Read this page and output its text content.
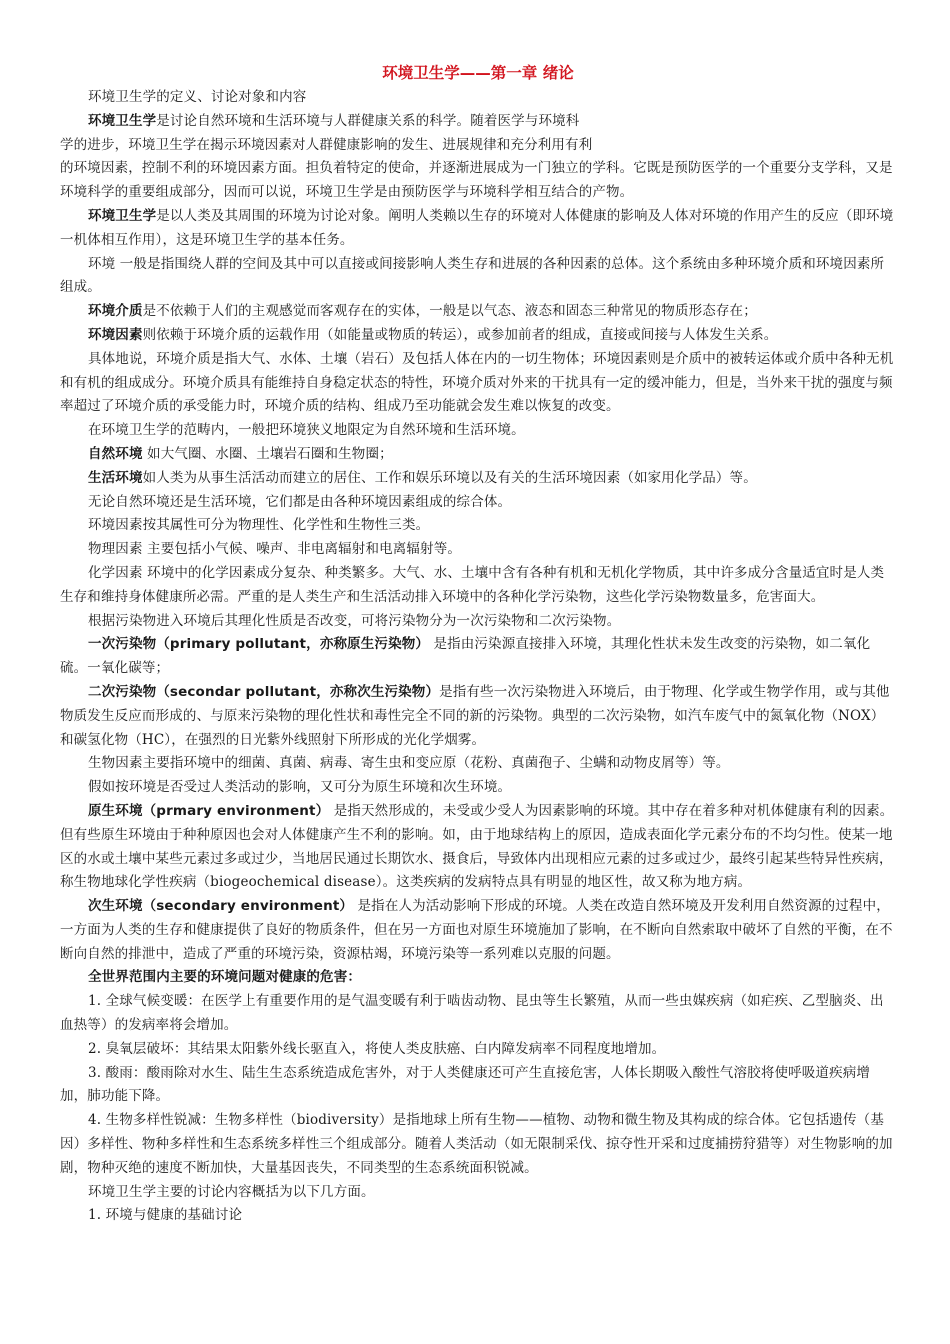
环境卫生学——第一章 绪论

环境卫生学的定义、讨论对象和内容

环境卫生学是讨论自然环境和生活环境与人群健康关系的科学。随着医学与环境科

学的进步，环境卫生学在揭示环境因素对人群健康影响的发生、进展规律和充分利用有利

的环境因素，控制不利的环境因素方面。担负着特定的使命，并逐渐进展成为一门独立的学科。它既是预防医学的一个重要分支学科，又是环境科学的重要组成部分，因而可以说，环境卫生学是由预防医学与环境科学相互结合的产物。

环境卫生学是以人类及其周围的环境为讨论对象。阐明人类赖以生存的环境对人体健康的影响及人体对环境的作用产生的反应（即环境一机体相互作用），这是环境卫生学的基本任务。

环境 一般是指围绕人群的空间及其中可以直接或间接影响人类生存和进展的各种因素的总体。这个系统由多种环境介质和环境因素所组成。

环境介质是不依赖于人们的主观感觉而客观存在的实体，一般是以气态、液态和固态三种常见的物质形态存在；

环境因素则依赖于环境介质的运载作用（如能量或物质的转运），或参加前者的组成，直接或间接与人体发生关系。

具体地说，环境介质是指大气、水体、土壤（岩石）及包括人体在内的一切生物体；环境因素则是介质中的被转运体或介质中各种无机和有机的组成成分。环境介质具有能维持自身稳定状态的特性，环境介质对外来的干扰具有一定的缓冲能力，但是，当外来干扰的强度与频率超过了环境介质的承受能力时，环境介质的结构、组成乃至功能就会发生难以恢复的改变。

在环境卫生学的范畴内，一般把环境狭义地限定为自然环境和生活环境。

自然环境 如大气圈、水圈、土壤岩石圈和生物圈；

生活环境如人类为从事生活活动而建立的居住、工作和娱乐环境以及有关的生活环境因素（如家用化学品）等。

无论自然环境还是生活环境，它们都是由各种环境因素组成的综合体。

环境因素按其属性可分为物理性、化学性和生物性三类。

物理因素 主要包括小气候、噪声、非电离辐射和电离辐射等。

化学因素 环境中的化学因素成分复杂、种类繁多。大气、水、土壤中含有各种有机和无机化学物质，其中许多成分含量适宜时是人类生存和维持身体健康所必需。严重的是人类生产和生活活动排入环境中的各种化学污染物，这些化学污染物数量多，危害面大。

根据污染物进入环境后其理化性质是否改变，可将污染物分为一次污染物和二次污染物。

一次污染物（primary pollutant，亦称原生污染物） 是指由污染源直接排入环境，其理化性状未发生改变的污染物，如二氧化硫。一氧化碳等；

二次污染物（secondar pollutant，亦称次生污染物）是指有些一次污染物进入环境后，由于物理、化学或生物学作用，或与其他物质发生反应而形成的、与原来污染物的理化性状和毒性完全不同的新的污染物。典型的二次污染物，如汽车废气中的氮氧化物（NOX）和碳氢化物（HC），在强烈的日光紫外线照射下所形成的光化学烟雾。

生物因素主要指环境中的细菌、真菌、病毒、寄生虫和变应原（花粉、真菌孢子、尘螨和动物皮屑等）等。

假如按环境是否受过人类活动的影响，又可分为原生环境和次生环境。

原生环境（prmary environment） 是指天然形成的，未受或少受人为因素影响的环境。其中存在着多种对机体健康有利的因素。但有些原生环境由于种种原因也会对人体健康产生不利的影响。如，由于地球结构上的原因，造成表面化学元素分布的不均匀性。使某一地区的水或土壤中某些元素过多或过少，当地居民通过长期饮水、摄食后，导致体内出现相应元素的过多或过少，最终引起某些特异性疾病，称生物地球化学性疾病（biogeochemical disease）。这类疾病的发病特点具有明显的地区性，故又称为地方病。

次生环境（secondary environment） 是指在人为活动影响下形成的环境。人类在改造自然环境及开发利用自然资源的过程中，一方面为人类的生存和健康提供了良好的物质条件，但在另一方面也对原生环境施加了影响，在不断向自然索取中破坏了自然的平衡，在不断向自然的排泄中，造成了严重的环境污染，资源枯竭，环境污染等一系列难以克服的问题。

全世界范围内主要的环境问题对健康的危害：

1. 全球气候变暖：在医学上有重要作用的是气温变暖有利于啮齿动物、昆虫等生长繁殖，从而一些虫媒疾病（如疟疾、乙型脑炎、出血热等）的发病率将会增加。

2. 臭氧层破坏：其结果太阳紫外线长驱直入，将使人类皮肤癌、白内障发病率不同程度地增加。

3. 酸雨：酸雨除对水生、陆生生态系统造成危害外，对于人类健康还可产生直接危害，人体长期吸入酸性气溶胶将使呼吸道疾病增加，肺功能下降。

4. 生物多样性锐减：生物多样性（biodiversity）是指地球上所有生物——植物、动物和微生物及其构成的综合体。它包括遗传（基因）多样性、物种多样性和生态系统多样性三个组成部分。随着人类活动（如无限制采伐、掠夺性开采和过度捕捞狩猎等）对生物影响的加剧，物种灭绝的速度不断加快，大量基因丧失，不同类型的生态系统面积锐减。

环境卫生学主要的讨论内容概括为以下几方面。

1. 环境与健康的基础讨论
